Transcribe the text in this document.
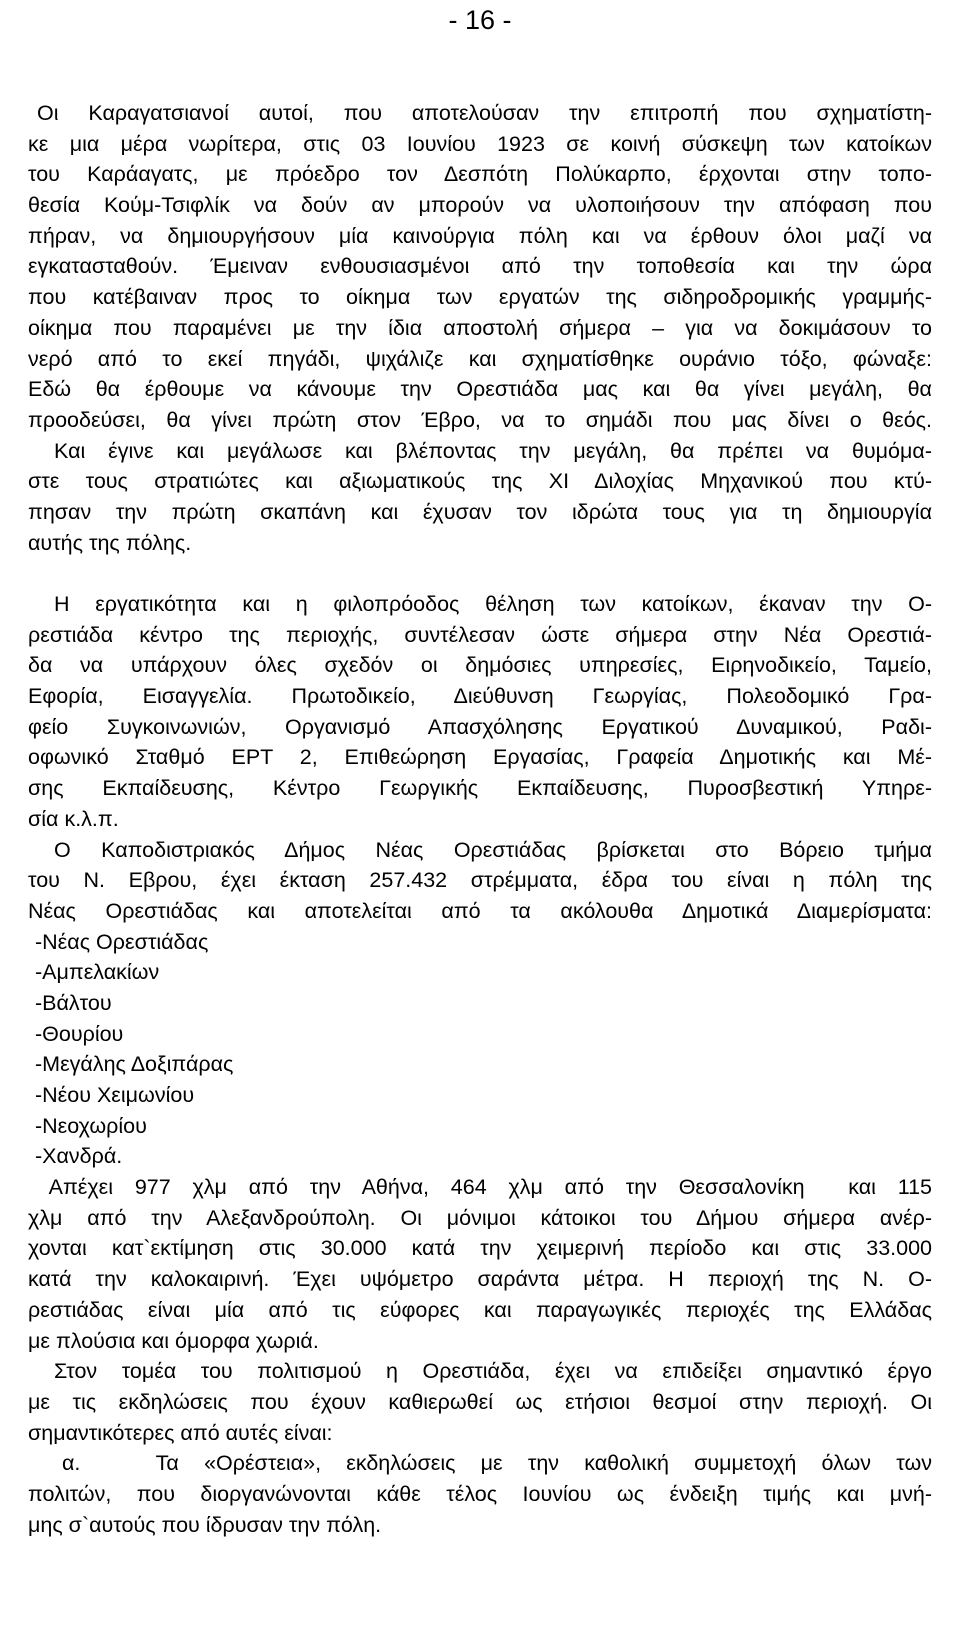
- 16 -
Οι Καραγατσιανοί αυτοί, που αποτελούσαν την επιτροπή που σχηματίστη-
κε μια μέρα νωρίτερα, στις 03 Ιουνίου 1923 σε κοινή σύσκεψη των κατοίκων
του Καράαγατς, με πρόεδρο τον Δεσπότη Πολύκαρπο, έρχονται στην τοπο-
θεσία Κούμ-Τσιφλίκ να δούν αν μπορούν να υλοποιήσουν την απόφαση που
πήραν, να δημιουργήσουν μία καινούργια πόλη και να έρθουν όλοι μαζί να
εγκατασταθούν. Έμειναν ενθουσιασμένοι από την τοποθεσία και την ώρα
που κατέβαιναν προς το οίκημα των εργατών της σιδηροδρομικής γραμμής-
οίκημα που παραμένει με την ίδια αποστολή σήμερα – για να δοκιμάσουν το
νερό από το εκεί πηγάδι, ψιχάλιζε και σχηματίσθηκε ουράνιο τόξο, φώναξε:
Εδώ θα έρθουμε να κάνουμε την Ορεστιάδα μας και θα γίνει μεγάλη, θα
προοδεύσει, θα γίνει πρώτη στον Έβρο, να το σημάδι που μας δίνει ο θεός.
Και έγινε και μεγάλωσε και βλέποντας την μεγάλη, θα πρέπει να θυμόμα-
στε τους στρατιώτες και αξιωματικούς της ΧΙ Διλοχίας Μηχανικού που κτύ-
πησαν την πρώτη σκαπάνη και έχυσαν τον ιδρώτα τους για τη δημιουργία
αυτής της πόλης.
Η εργατικότητα και η φιλοπρόοδος θέληση των κατοίκων, έκαναν την Ο-
ρεστιάδα κέντρο της περιοχής, συντέλεσαν ώστε σήμερα στην Νέα Ορεστιά-
δα να υπάρχουν όλες σχεδόν οι δημόσιες υπηρεσίες, Ειρηνοδικείο, Ταμείο,
Εφορία, Εισαγγελία. Πρωτοδικείο, Διεύθυνση Γεωργίας, Πολεοδομικό Γρα-
φείο Συγκοινωνιών, Οργανισμό Απασχόλησης Εργατικού Δυναμικού, Ραδι-
οφωνικό Σταθμό ΕΡΤ 2, Επιθεώρηση Εργασίας, Γραφεία Δημοτικής και Μέ-
σης Εκπαίδευσης, Κέντρο Γεωργικής Εκπαίδευσης, Πυροσβεστική Υπηρε-
σία κ.λ.π.
Ο Καποδιστριακός Δήμος Νέας Ορεστιάδας βρίσκεται στο Βόρειο τμήμα
του Ν. Εβρου, έχει έκταση 257.432 στρέμματα, έδρα του είναι η πόλη της
Νέας Ορεστιάδας και αποτελείται από τα ακόλουθα Δημοτικά Διαμερίσματα:
-Νέας Ορεστιάδας
-Αμπελακίων
-Βάλτου
-Θουρίου
-Μεγάλης Δοξιπάρας
-Νέου Χειμωνίου
-Νεοχωρίου
-Χανδρά.
Απέχει 977 χλμ από την Αθήνα, 464 χλμ από την Θεσσαλονίκη  και 115
χλμ από την Αλεξανδρούπολη. Οι μόνιμοι κάτοικοι του Δήμου σήμερα ανέρ-
χονται κατ`εκτίμηση στις 30.000 κατά την χειμερινή περίοδο και στις 33.000
κατά την καλοκαιρινή. Έχει υψόμετρο σαράντα μέτρα. Η περιοχή της Ν. Ο-
ρεστιάδας είναι μία από τις εύφορες και παραγωγικές περιοχές της Ελλάδας
με πλούσια και όμορφα χωριά.
Στον τομέα του πολιτισμού η Ορεστιάδα, έχει να επιδείξει σημαντικό έργο
με τις εκδηλώσεις που έχουν καθιερωθεί ως ετήσιοι θεσμοί στην περιοχή. Οι
σημαντικότερες από αυτές είναι:
α.   Τα «Ορέστεια», εκδηλώσεις με την καθολική συμμετοχή όλων των
πολιτών, που διοργανώνονται κάθε τέλος Ιουνίου ως ένδειξη τιμής και μνή-
μης σ`αυτούς που ίδρυσαν την πόλη.
